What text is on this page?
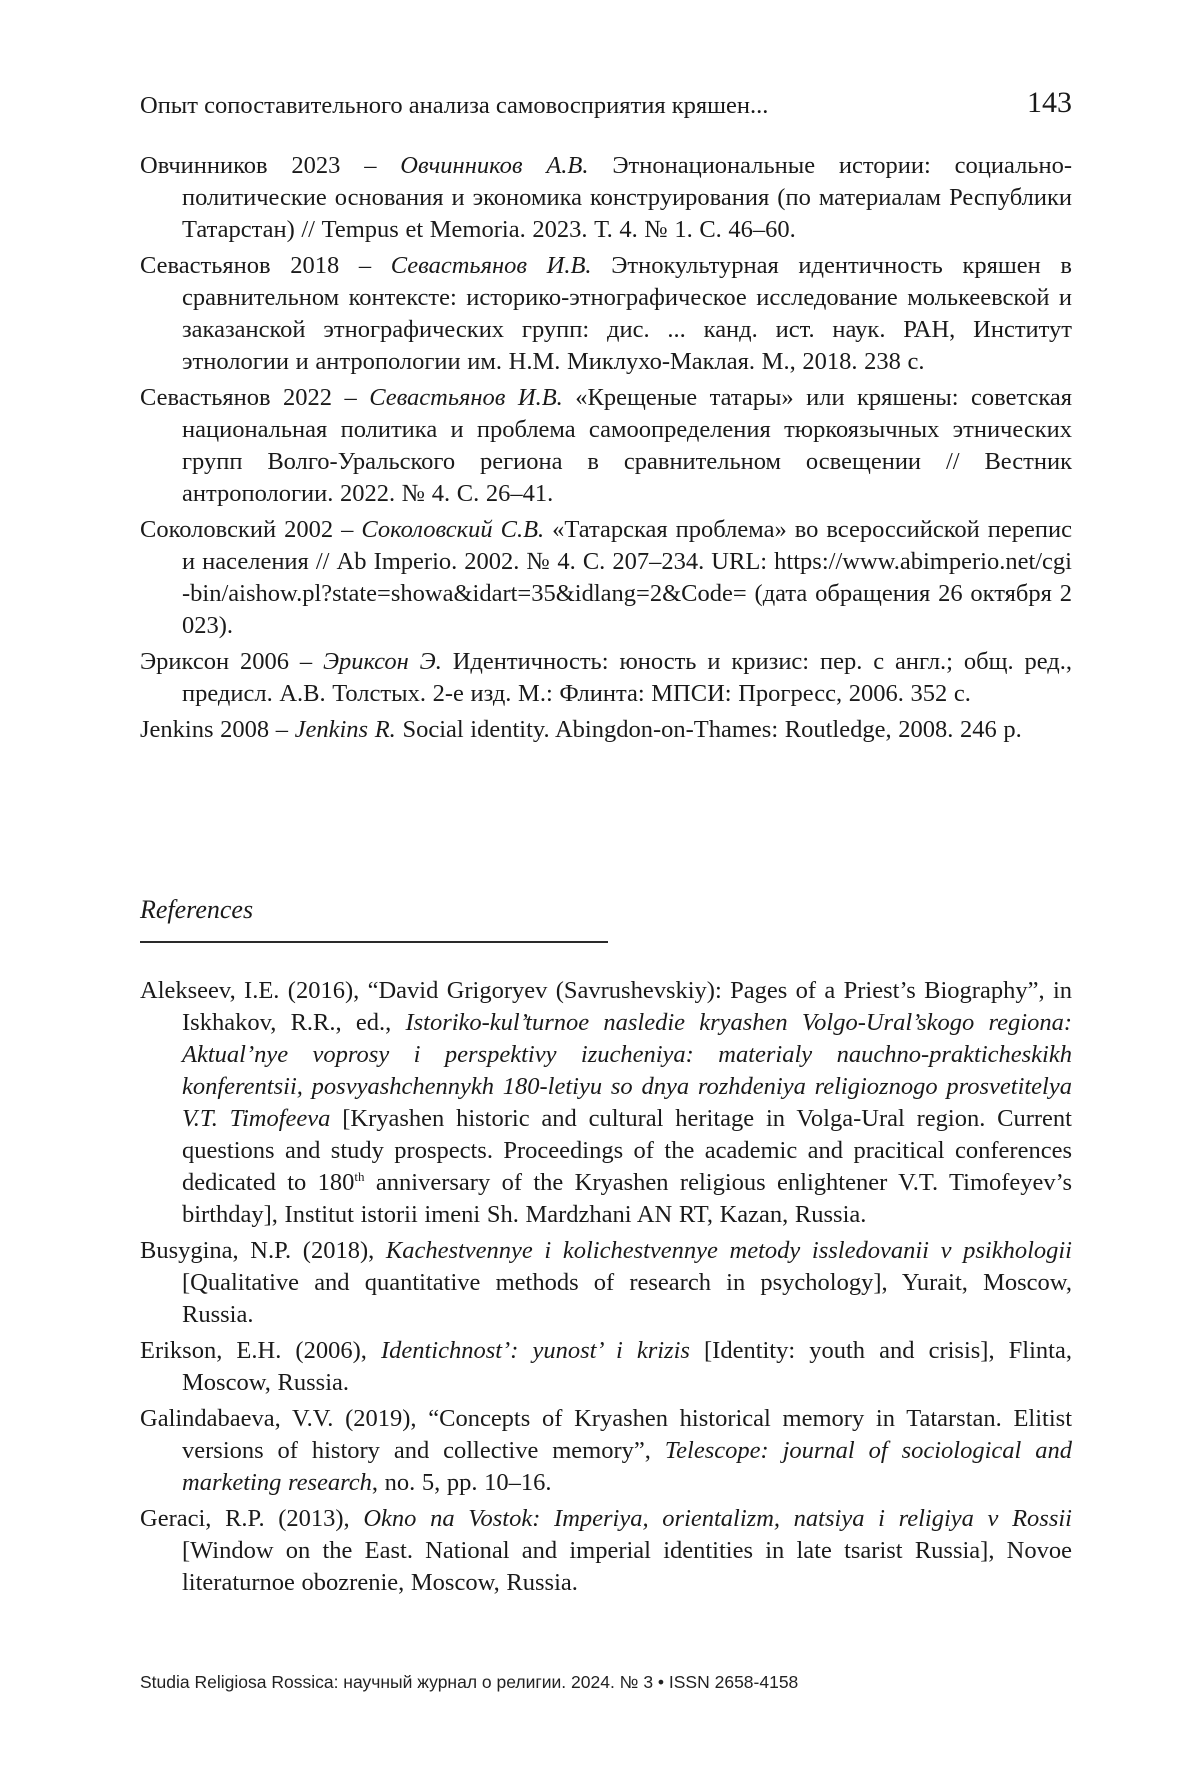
Опыт сопоставительного анализа самовосприятия кряшен...	143

Овчинников 2023 – Овчинников А.В. Этнонациональные истории: социально-политические основания и экономика конструирования (по материалам Республики Татарстан) // Tempus et Memoria. 2023. Т. 4. № 1. С. 46–60.

Севастьянов 2018 – Севастьянов И.В. Этнокультурная идентичность кряшен в сравнительном контексте: историко-этнографическое исследование молькеевской и заказанской этнографических групп: дис. ... канд. ист. наук. РАН, Институт этнологии и антропологии им. Н.М. Миклухо-Маклая. М., 2018. 238 с.

Севастьянов 2022 – Севастьянов И.В. «Крещеные татары» или кряшены: советская национальная политика и проблема самоопределения тюркоязычных этнических групп Волго-Уральского региона в сравнительном освещении // Вестник антропологии. 2022. № 4. С. 26–41.

Соколовский 2002 – Соколовский С.В. «Татарская проблема» во всероссийской переписи населения // Ab Imperio. 2002. № 4. С. 207–234. URL: https://www.abimperio.net/cgi-bin/aishow.pl?state=showa&idart=35&idlang=2&Code= (дата обращения 26 октября 2023).

Эриксон 2006 – Эриксон Э. Идентичность: юность и кризис: пер. с англ.; общ. ред., предисл. А.В. Толстых. 2-е изд. М.: Флинта: МПСИ: Прогресс, 2006. 352 с.

Jenkins 2008 – Jenkins R. Social identity. Abingdon-on-Thames: Routledge, 2008. 246 p.

References

Alekseev, I.E. (2016), “David Grigoryev (Savrushevskiy): Pages of a Priest’s Biography”, in Iskhakov, R.R., ed., Istoriko-kul’turnoe nasledie kryashen Volgo-Ural’skogo regiona: Aktual’nye voprosy i perspektivy izucheniya: materialy nauchno-prakticheskikh konferentsii, posvyashchennykh 180-letiyu so dnya rozhdeniya religioznogo prosvetitelya V.T. Timofeeva [Kryashen historic and cultural heritage in Volga-Ural region. Current questions and study prospects. Proceedings of the academic and pracitical conferences dedicated to 180th anniversary of the Kryashen religious enlightener V.T. Timofeyev’s birthday], Institut istorii imeni Sh. Mardzhani AN RT, Kazan, Russia.

Busygina, N.P. (2018), Kachestvennye i kolichestvennye metody issledovanii v psikhologii [Qualitative and quantitative methods of research in psychology], Yurait, Moscow, Russia.

Erikson, E.H. (2006), Identichnost’: yunost’ i krizis [Identity: youth and crisis], Flinta, Moscow, Russia.

Galindabaeva, V.V. (2019), “Concepts of Kryashen historical memory in Tatarstan. Elitist versions of history and collective memory”, Telescope: journal of sociological and marketing research, no. 5, pp. 10–16.

Geraci, R.P. (2013), Okno na Vostok: Imperiya, orientalizm, natsiya i religiya v Rossii [Window on the East. National and imperial identities in late tsarist Russia], Novoe literaturnoe obozrenie, Moscow, Russia.

Studia Religiosa Rossica: научный журнал о религии. 2024. № 3 • ISSN 2658-4158
